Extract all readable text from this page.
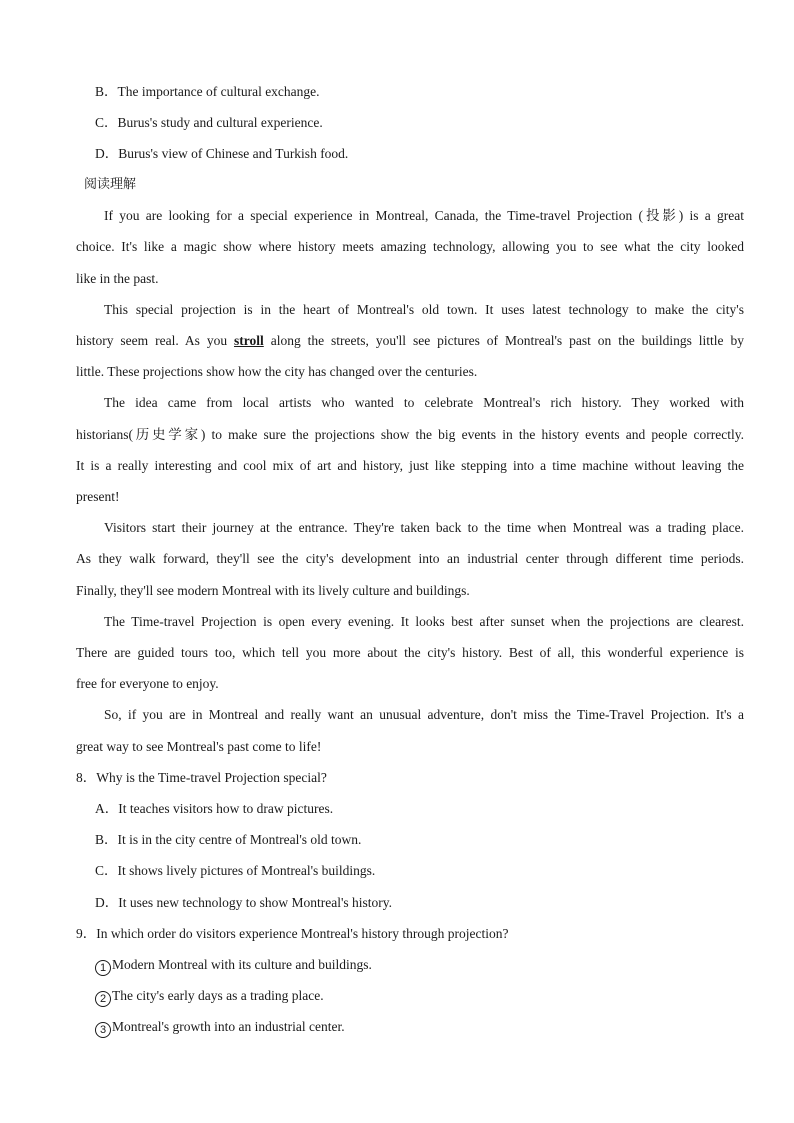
B．The importance of cultural exchange.
C．Burus's study and cultural experience.
D．Burus's view of Chinese and Turkish food.
阅读理解
If you are looking for a special experience in Montreal, Canada, the Time-travel Projection (投影) is a great
choice. It's like a magic show where history meets amazing technology, allowing you to see what the city looked
like in the past.
This special projection is in the heart of Montreal's old town. It uses latest technology to make the city's
history seem real. As you stroll along the streets, you'll see pictures of Montreal's past on the buildings little by
little. These projections show how the city has changed over the centuries.
The idea came from local artists who wanted to celebrate Montreal's rich history. They worked with
historians(历史学家) to make sure the projections show the big events in the history events and people correctly.
It is a really interesting and cool mix of art and history, just like stepping into a time machine without leaving the
present!
Visitors start their journey at the entrance. They're taken back to the time when Montreal was a trading place.
As they walk forward, they'll see the city's development into an industrial center through different time periods.
Finally, they'll see modern Montreal with its lively culture and buildings.
The Time-travel Projection is open every evening. It looks best after sunset when the projections are clearest.
There are guided tours too, which tell you more about the city's history. Best of all, this wonderful experience is
free for everyone to enjoy.
So, if you are in Montreal and really want an unusual adventure, don't miss the Time-Travel Projection. It's a
great way to see Montreal's past come to life!
8．Why is the Time-travel Projection special?
A．It teaches visitors how to draw pictures.
B．It is in the city centre of Montreal's old town.
C．It shows lively pictures of Montreal's buildings.
D．It uses new technology to show Montreal's history.
9．In which order do visitors experience Montreal's history through projection?
1 Modern Montreal with its culture and buildings.
2 The city's early days as a trading place.
3 Montreal's growth into an industrial center.
